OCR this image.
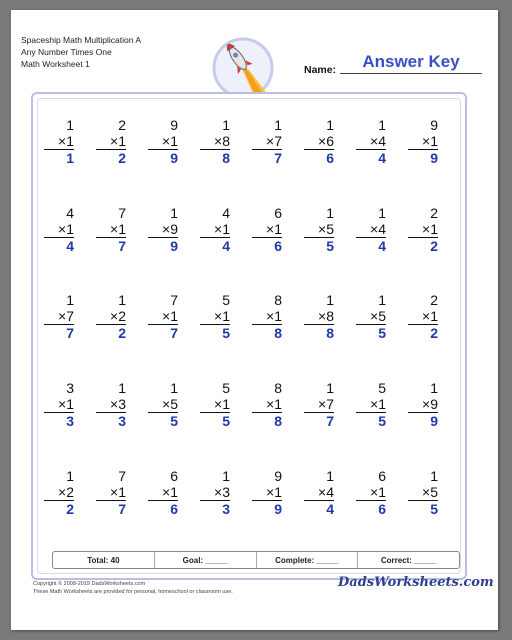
Spaceship Math Multiplication A
Any Number Times One
Math Worksheet 1	Name:	Answer Key
1
×1
1
2
×1
2
9
×1
9
1
×8
8
1
×7
7
1
×6
6
1
×4
4
9
×1
9
4
×1
4
7
×1
7
1
×9
9
4
×1
4
6
×1
6
1
×5
5
1
×4
4
2
×1
2
1
×7
7
1
×2
2
7
×1
7
5
×1
5
8
×1
8
1
×8
8
1
×5
5
2
×1
2
3
×1
3
1
×3
3
1
×5
5
5
×1
5
8
×1
8
1
×7
7
5
×1
5
1
×9
9
1
×2
2
7
×1
7
6
×1
6
1
×3
3
9
×1
9
1
×4
4
6
×1
6
1
×5
5
Total: 40	Goal: _____	Complete: _____	Correct: _____
Copyright © 2008-2019 DadsWorksheets.com
These Math Worksheets are provided for personal, homeschool or classroom use.
DadsWorksheets.com
